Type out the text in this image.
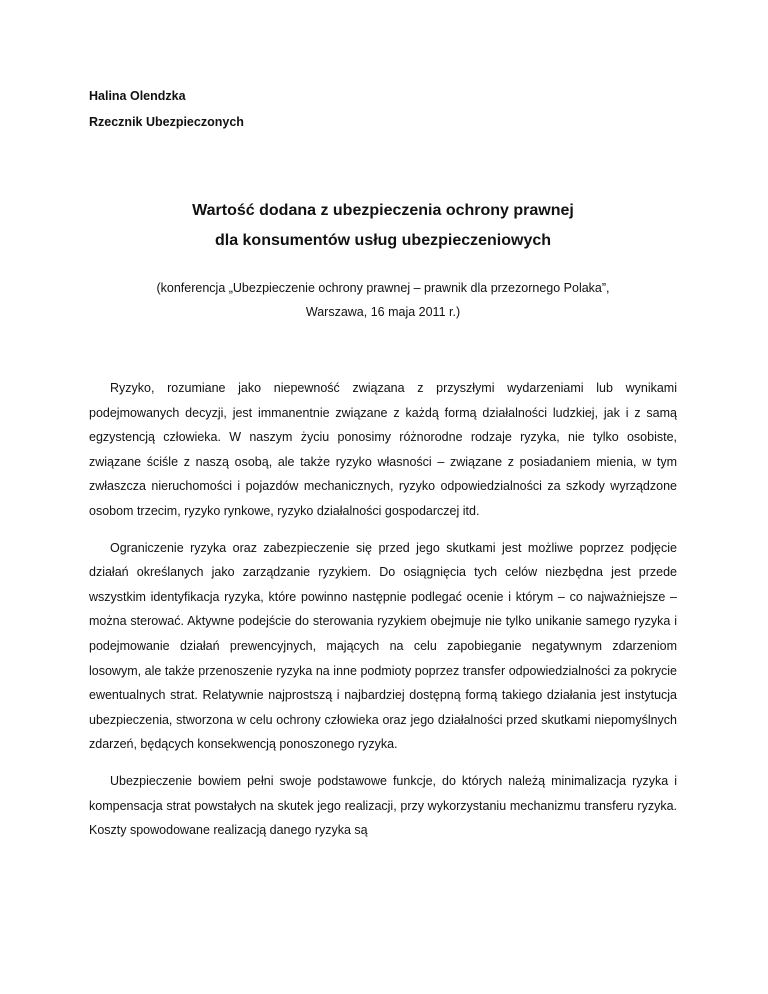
Halina Olendzka
Rzecznik Ubezpieczonych
Wartość dodana z ubezpieczenia ochrony prawnej
dla konsumentów usług ubezpieczeniowych
(konferencja „Ubezpieczenie ochrony prawnej – prawnik dla przezornego Polaka”,
Warszawa, 16 maja 2011 r.)

Ryzyko, rozumiane jako niepewność związana z przyszłymi wydarzeniami lub wynikami podejmowanych decyzji, jest immanentnie związane z każdą formą działalności ludzkiej, jak i z samą egzystencją człowieka. W naszym życiu ponosimy różnorodne rodzaje ryzyka, nie tylko osobiste, związane ściśle z naszą osobą, ale także ryzyko własności – związane z posiadaniem mienia, w tym zwłaszcza nieruchomości i pojazdów mechanicznych, ryzyko odpowiedzialności za szkody wyrządzone osobom trzecim, ryzyko rynkowe, ryzyko działalności gospodarczej itd.

Ograniczenie ryzyka oraz zabezpieczenie się przed jego skutkami jest możliwe poprzez podjęcie działań określanych jako zarządzanie ryzykiem. Do osiągnięcia tych celów niezbędna jest przede wszystkim identyfikacja ryzyka, które powinno następnie podlegać ocenie i którym – co najważniejsze – można sterować. Aktywne podejście do sterowania ryzykiem obejmuje nie tylko unikanie samego ryzyka i podejmowanie działań prewencyjnych, mających na celu zapobieganie negatywnym zdarzeniom losowym, ale także przenoszenie ryzyka na inne podmioty poprzez transfer odpowiedzialności za pokrycie ewentualnych strat. Relatywnie najprostszą i najbardziej dostępną formą takiego działania jest instytucja ubezpieczenia, stworzona w celu ochrony człowieka oraz jego działalności przed skutkami niepomyślnych zdarzeń, będących konsekwencją ponoszonego ryzyka.

Ubezpieczenie bowiem pełni swoje podstawowe funkcje, do których należą minimalizacja ryzyka i kompensacja strat powstałych na skutek jego realizacji, przy wykorzystaniu mechanizmu transferu ryzyka. Koszty spowodowane realizacją danego ryzyka są
